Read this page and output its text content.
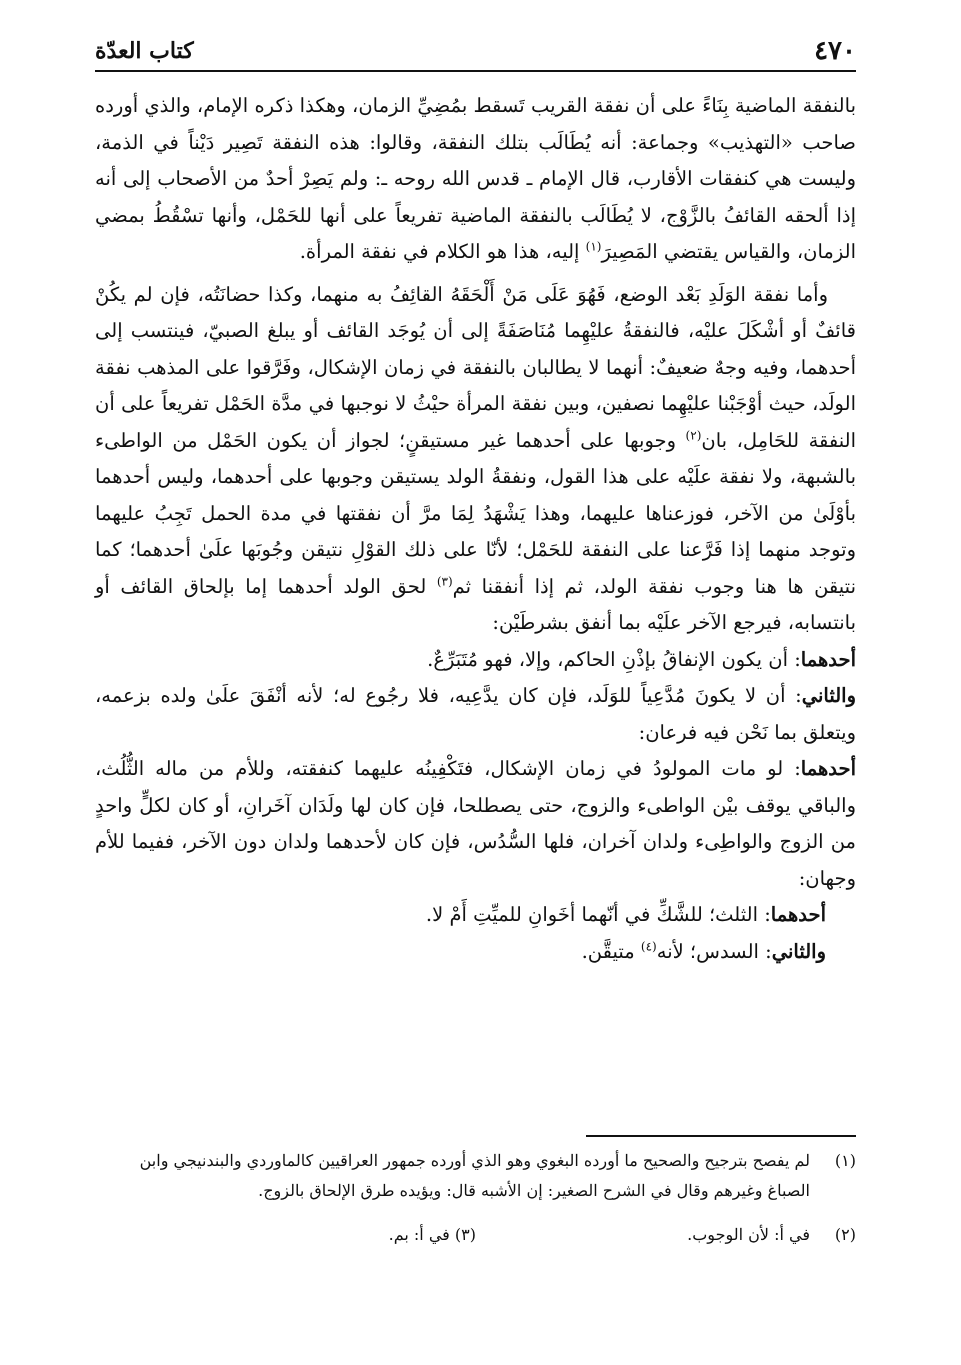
٤٧٠
كتاب العدّة

بالنفقة الماضية بِنَاءً على أن نفقة القريب تَسقط بمُضِيِّ الزمان، وهكذا ذكره الإمام، والذي أورده صاحب «التهذيب» وجماعة: أنه يُطَالَب بتلك النفقة، وقالوا: هذه النفقة تَصِير دَيْناً في الذمة، وليست هي كنفقات الأقارب، قال الإمام ـ قدس الله روحه ـ: ولم يَصِرْ أحدٌ من الأصحاب إلى أنه إذا ألحقه القائفُ بالزَّوْج، لا يُطَالَب بالنفقة الماضية تفريعاً على أنها للحَمْل، وأنها تسْقُطُ بمضي الزمان، والقياس يقتضي المَصِيرَ$^{(١)}$ إليه، هذا هو الكلام في نفقة المرأة.

وأما نفقة الوَلَدِ بَعْد الوضع، فَهُوَ عَلَى مَنْ أَلْحَقَهُ القائِفُ به منهما، وكذا حضانَتُه، فإن لم يكُنْ قائفٌ أو أشْكَلَ عليْه، فالنفقةُ عليْهِما مُنَاصَفَةً إلى أن يُوجَد القائف أو يبلغ الصبيّ، فينتسب إلى أحدهما، وفيه وجهٌ ضعيفٌ: أنهما لا يطالبان بالنفقة في زمان الإشكال، وفَرَّقوا على المذهب نفقة الولَد، حيث أوْجَبْنا عليْهِما نصفين، وبين نفقة المرأة حيْثُ لا نوجبها في مدَّة الحَمْل تفريعاً على أن النفقة للحَامِل، بان$^{(٢)}$ وجوبها على أحدهما غير مستيقنٍ؛ لجواز أن يكون الحَمْل من الواطىء بالشبهة، ولا نفقة علَيْه على هذا القول، ونفقةُ الولد يستيقن وجوبها على أحدهما، وليس أحدهما بأوْلَىٰ من الآخر، فوزعناها عليهما، وهذا يَشْهَدُ لِمَا مرَّ أن نفقتها في مدة الحمل تَجِبُ عليهما وتوجد منهما إذا فَرَّعنا على النفقة للحَمْل؛ لأنّا على ذلك القوْلِ نتيقن وجُوبَها علَىٰ أحدهما؛ كما نتيقن ها هنا وجوب نفقة الولد، ثم إذا أنفقنا ثم$^{(٣)}$ لحق الولد أحدهما إما بإلحاق القائف أو بانتسابه، فيرجع الآخر علَيْه بما أنفق بشرطَيْن:

أحدهما: أن يكون الإنفاقُ بإذْنِ الحاكم، وإلا، فهو مُتَبَرِّعٌ.

والثاني: أن لا يكونَ مُدَّعِياً للوَلَد، فإن كان يدَّعِيه، فلا رجُوع له؛ لأنه أنْفَقَ علَىٰ ولده بزعمه، ويتعلق بما نَحْن فيه فرعان:

أحدهما: لو مات المولودُ في زمان الإشكال، فتَكْفِينُه عليهما كنفقته، وللأم من ماله الثُّلُث، والباقي يوقف بيْن الواطىء والزوج، حتى يصطلحا، فإن كان لها ولَدَان آخَرانِ، أو كان لكلٍّ واحدٍ من الزوج والواطِىء ولدان آخران، فلها السُّدُس، فإن كان لأحدهما ولدان دون الآخر، ففيما للأم وجهان:

أحدهما: الثلث؛ للشَّكِّ في أنّهما أخَوانِ للميِّتِ أَمْ لا.

والثاني: السدس؛ لأنه$^{(٤)}$ متيقَّن.

(١)
لم يفصح بترجيح والصحيح ما أورده البغوي وهو الذي أورده جمهور العراقيين كالماوردي والبندنيجي وابن الصباغ وغيرهم وقال في الشرح الصغير: إن الأشبه قال: ويؤيده طرق الإلحاق بالزوج.

(٢)
في أ: لأن الوجوب.
(٣) في أ: بم.
